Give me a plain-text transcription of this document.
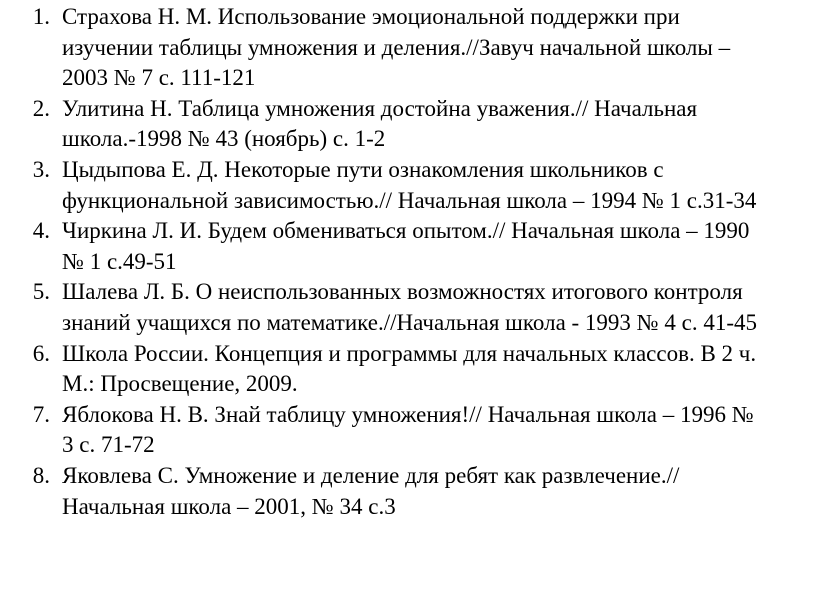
1. Страхова Н. М. Использование эмоциональной поддержки при
изучении таблицы умножения и деления.//Завуч начальной школы –
2003 № 7 с. 111-121
2. Улитина Н. Таблица умножения достойна уважения.// Начальная
школа.-1998 № 43 (ноябрь) с. 1-2
3. Цыдыпова Е. Д. Некоторые пути ознакомления школьников с
функциональной зависимостью.// Начальная школа – 1994 № 1 с.31-34
4. Чиркина Л. И. Будем обмениваться опытом.// Начальная школа – 1990
№ 1 с.49-51
5. Шалева Л. Б. О неиспользованных возможностях итогового контроля
знаний учащихся по математике.//Начальная школа - 1993 № 4 с. 41-45
6. Школа России. Концепция и программы для начальных классов. В 2 ч.
М.: Просвещение, 2009.
7. Яблокова Н. В. Знай таблицу умножения!// Начальная школа – 1996 №
3 с. 71-72
8. Яковлева С. Умножение и деление для ребят как развлечение.//
Начальная школа – 2001, № 34 с.3
